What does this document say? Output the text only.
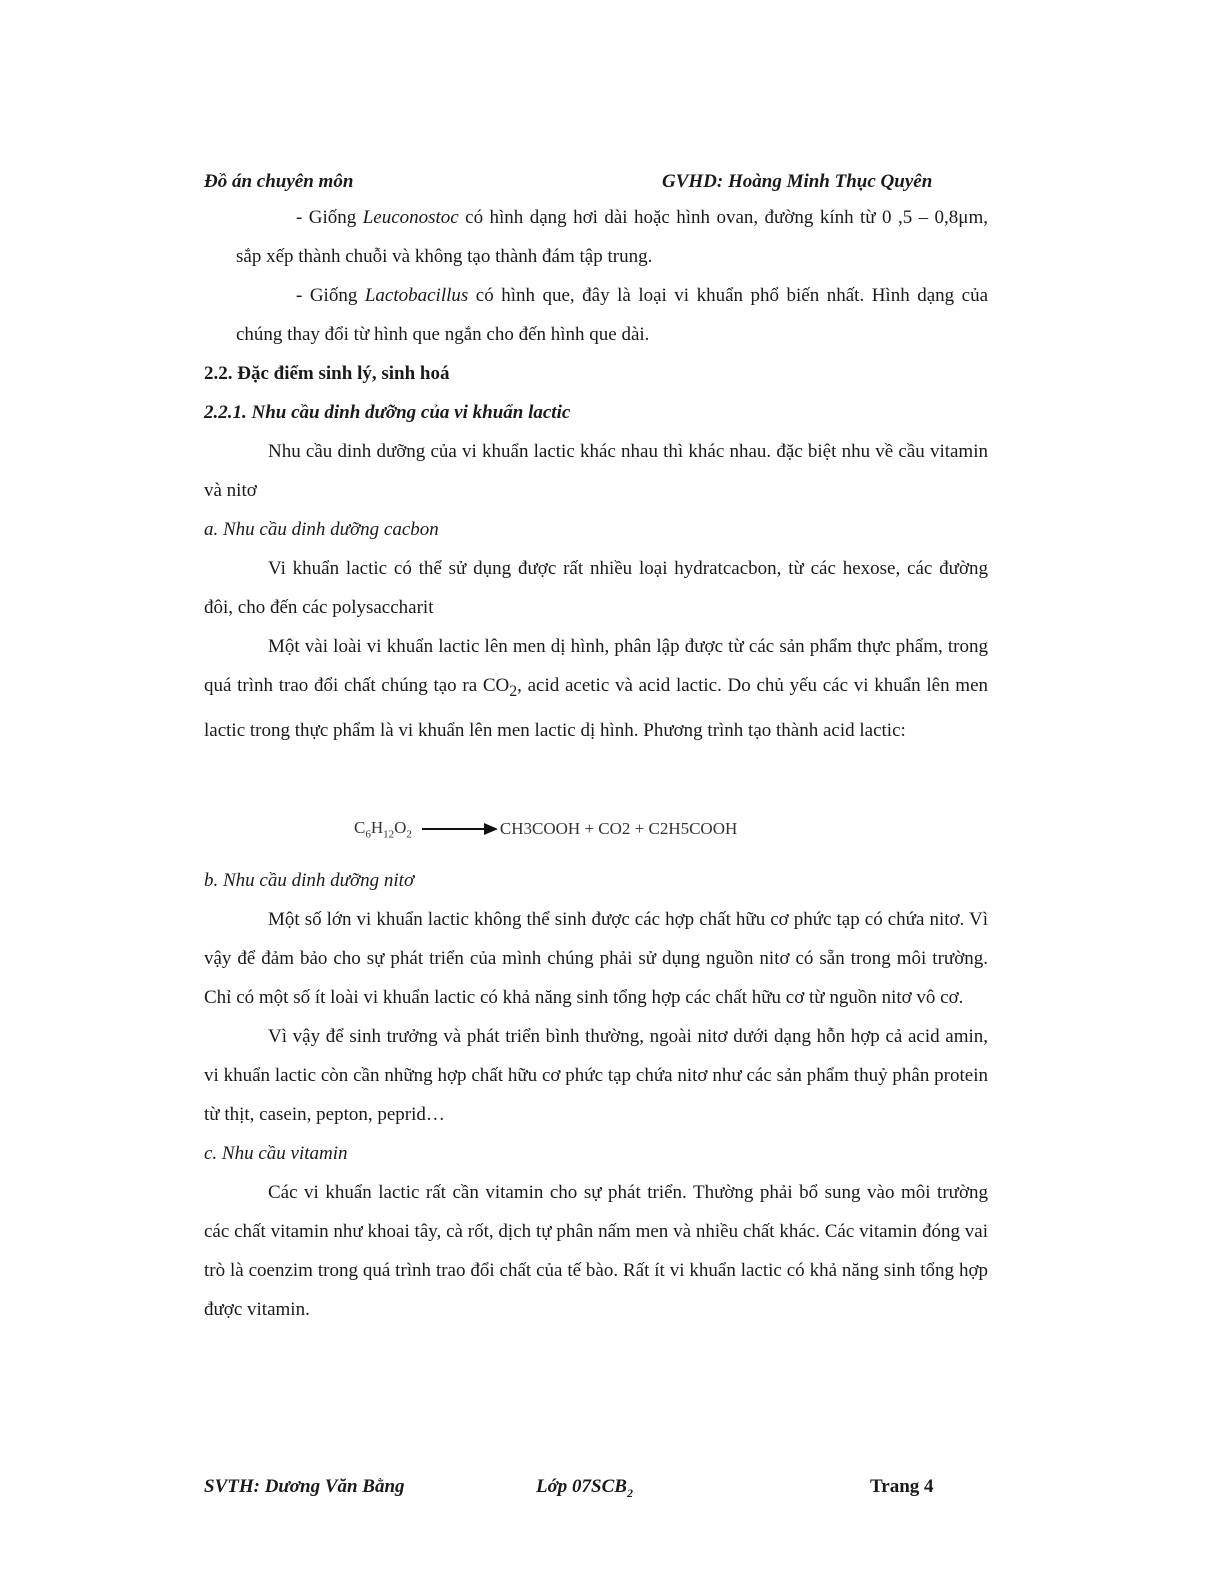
Đồ án chuyên môn	GVHD: Hoàng Minh Thục Quyên

- Giống Leuconostoc có hình dạng hơi dài hoặc hình ovan, đường kính từ 0 ,5 – 0,8μm, sắp xếp thành chuỗi và không tạo thành đám tập trung.

- Giống Lactobacillus có hình que, đây là loại vi khuẩn phổ biến nhất. Hình dạng của chúng thay đổi từ hình que ngắn cho đến hình que dài.

2.2. Đặc điểm sinh lý, sinh hoá

2.2.1. Nhu cầu dinh dưỡng của vi khuẩn lactic

Nhu cầu dinh dưỡng của vi khuẩn lactic khác nhau thì khác nhau. đặc biệt nhu về cầu vitamin và nitơ

a. Nhu cầu dinh dưỡng cacbon

Vi khuẩn lactic có thể sử dụng được rất nhiều loại hydratcacbon, từ các hexose, các đường đôi, cho đến các polysaccharit

Một vài loài vi khuẩn lactic lên men dị hình, phân lập được từ các sản phẩm thực phẩm, trong quá trình trao đổi chất chúng tạo ra $CO_2$, acid acetic và acid lactic. Do chủ yếu các vi khuẩn lên men lactic trong thực phẩm là vi khuẩn lên men lactic dị hình. Phương trình tạo thành acid lactic:

$C_6H_{12}O_2$	CH3COOH + CO2 + C2H5COOH

b. Nhu cầu dinh dưỡng nitơ

Một số lớn vi khuẩn lactic không thể sinh được các hợp chất hữu cơ phức tạp có chứa nitơ. Vì vậy để đảm bảo cho sự phát triển của mình chúng phải sử dụng nguồn nitơ có sẵn trong môi trường. Chỉ có một số ít loài vi khuẩn lactic có khả năng sinh tổng hợp các chất hữu cơ từ nguồn nitơ vô cơ.

Vì vậy để sinh trưởng và phát triển bình thường, ngoài nitơ dưới dạng hỗn hợp cả acid amin, vi khuẩn lactic còn cần những hợp chất hữu cơ phức tạp chứa nitơ như các sản phẩm thuỷ phân protein từ thịt, casein, pepton, peprid…

c. Nhu cầu vitamin

Các vi khuẩn lactic rất cần vitamin cho sự phát triển. Thường phải bổ sung vào môi trường các chất vitamin như khoai tây, cà rốt, dịch tự phân nấm men và nhiều chất khác. Các vitamin đóng vai trò là coenzim trong quá trình trao đổi chất của tế bào. Rất ít vi khuẩn lactic có khả năng sinh tổng hợp được vitamin.

SVTH: Dương Văn Bằng	Lớp $07SCB_2$	Trang 4
